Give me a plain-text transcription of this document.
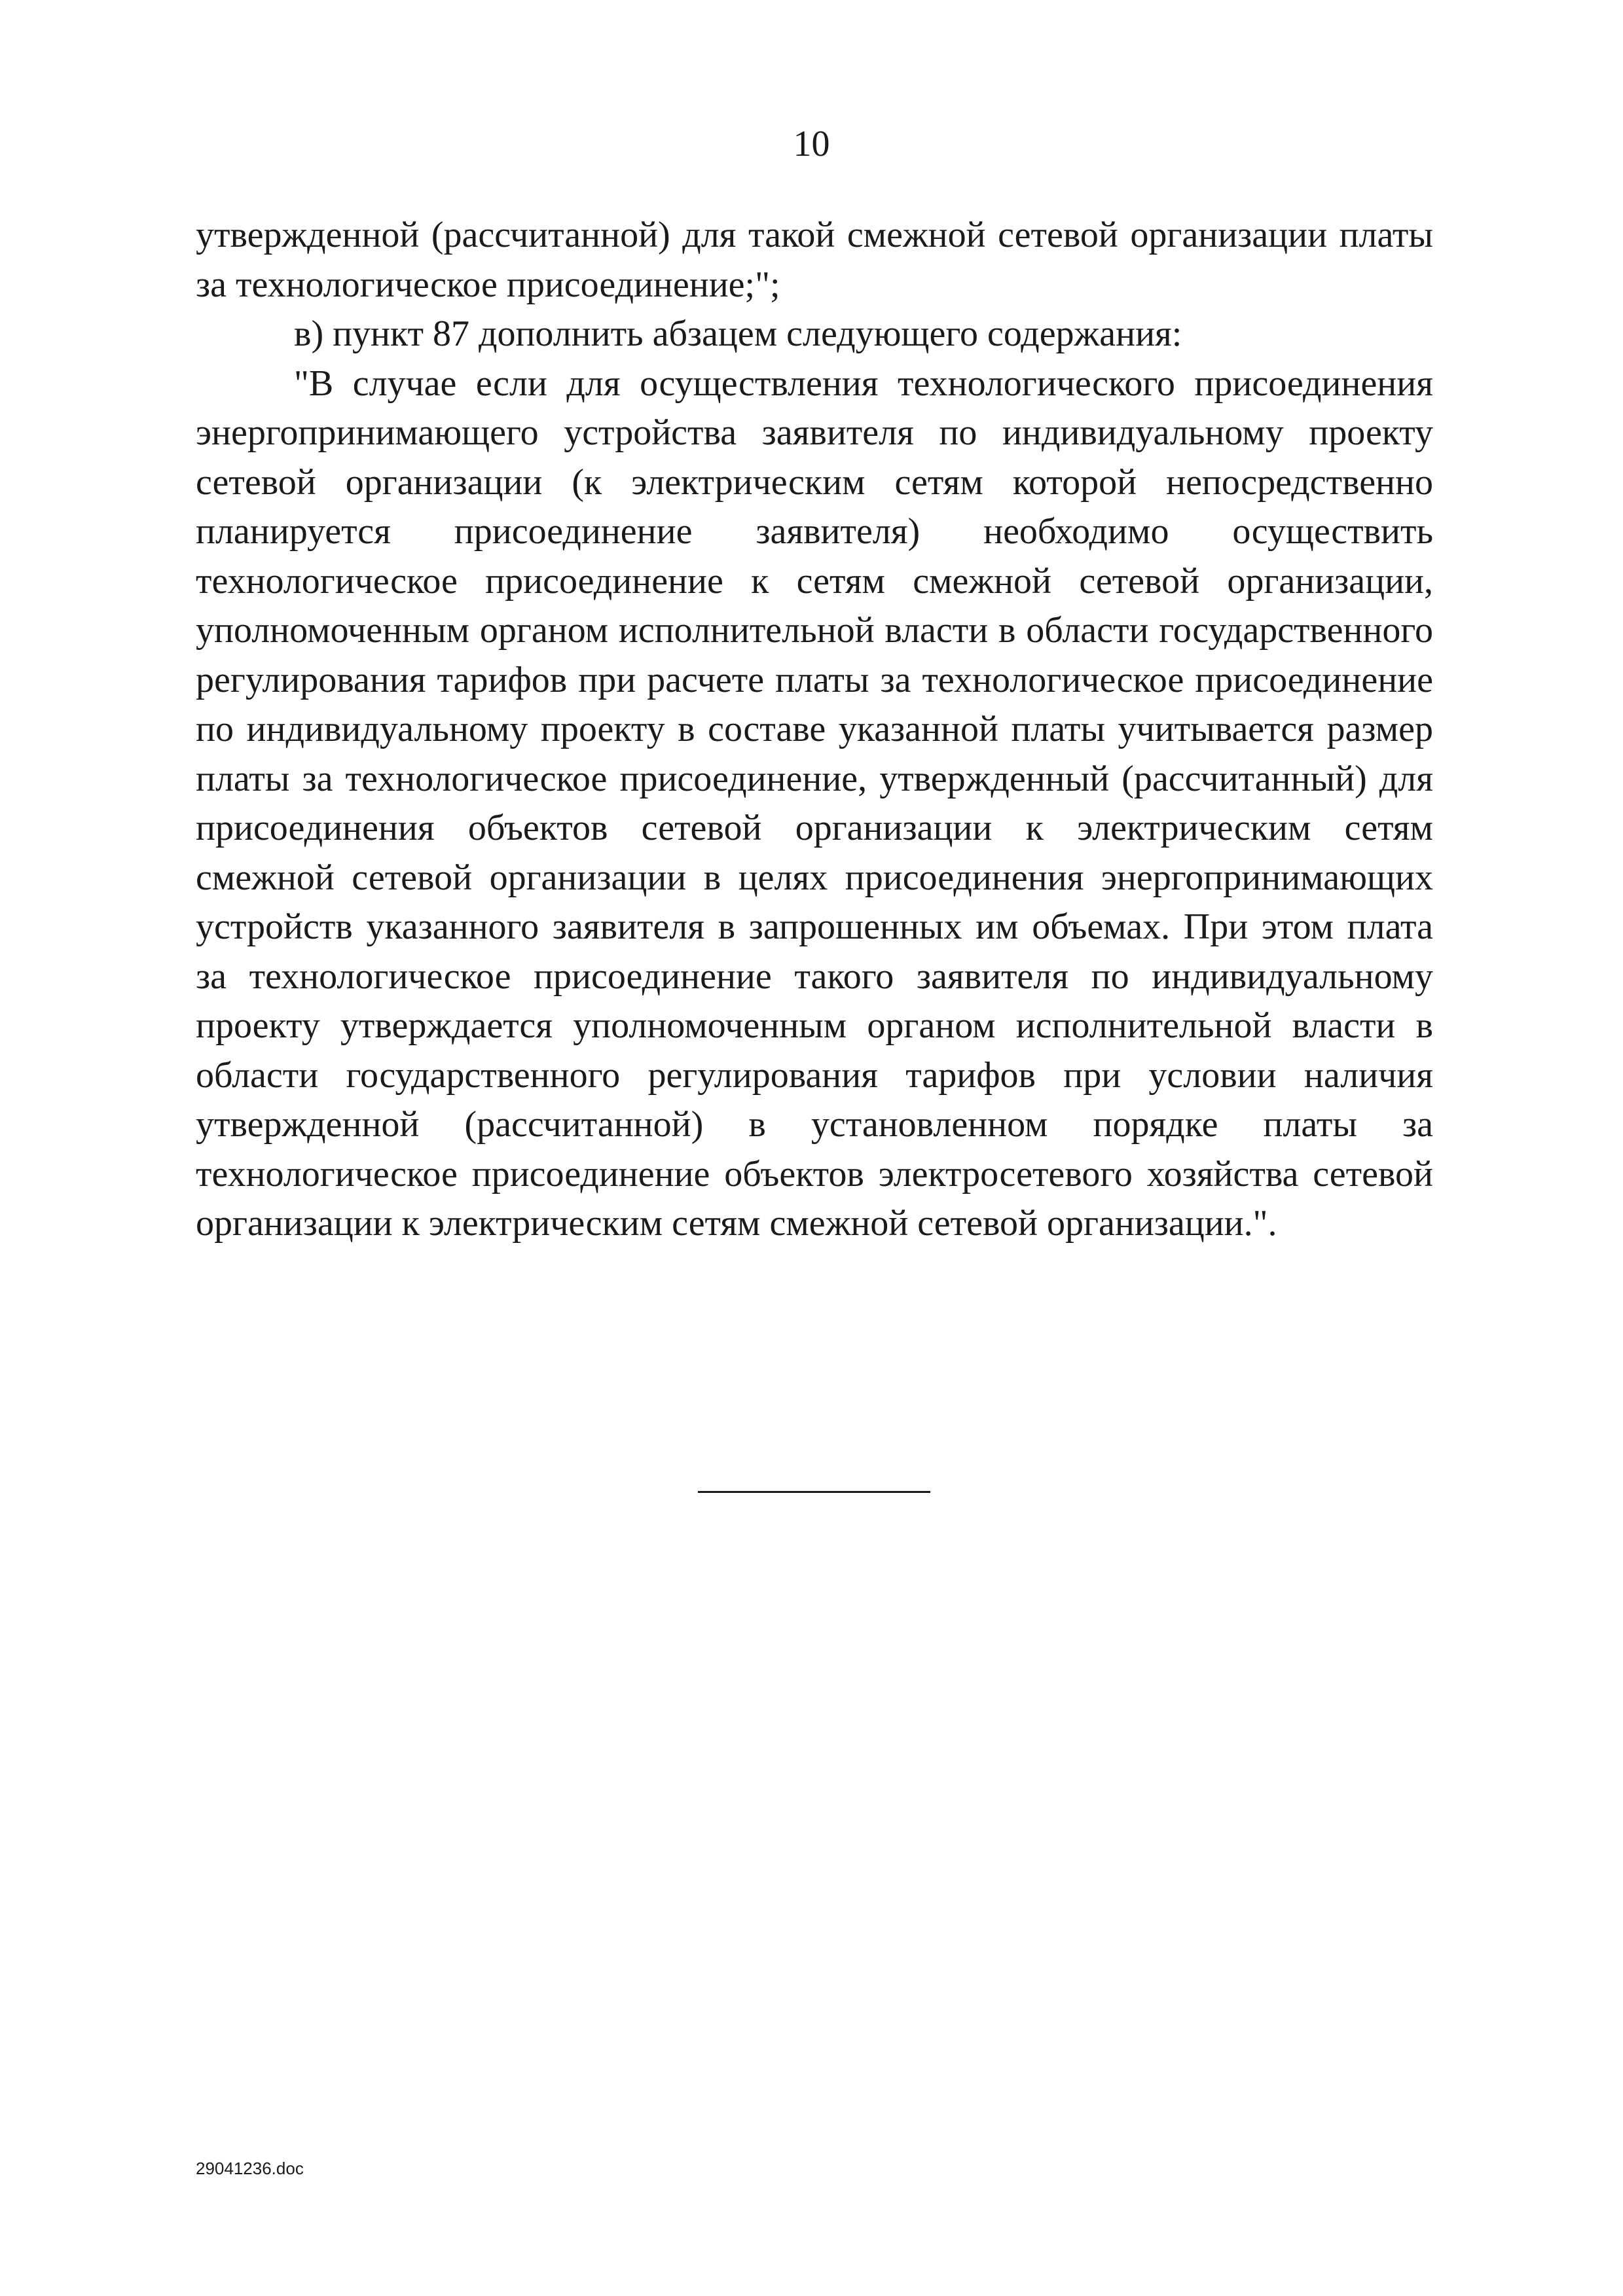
10

утвержденной (рассчитанной) для такой смежной сетевой организации платы за технологическое присоединение;";

в) пункт 87 дополнить абзацем следующего содержания:

"В случае если для осуществления технологического присоединения энергопринимающего устройства заявителя по индивидуальному проекту сетевой организации (к электрическим сетям которой непосредственно планируется присоединение заявителя) необходимо осуществить технологическое присоединение к сетям смежной сетевой организации, уполномоченным органом исполнительной власти в области государственного регулирования тарифов при расчете платы за технологическое присоединение по индивидуальному проекту в составе указанной платы учитывается размер платы за технологическое присоединение, утвержденный (рассчитанный) для присоединения объектов сетевой организации к электрическим сетям смежной сетевой организации в целях присоединения энергопринимающих устройств указанного заявителя в запрошенных им объемах. При этом плата за технологическое присоединение такого заявителя по индивидуальному проекту утверждается уполномоченным органом исполнительной власти в области государственного регулирования тарифов при условии наличия утвержденной (рассчитанной) в установленном порядке платы за технологическое присоединение объектов электросетевого хозяйства сетевой организации к электрическим сетям смежной сетевой организации.".

29041236.doc
